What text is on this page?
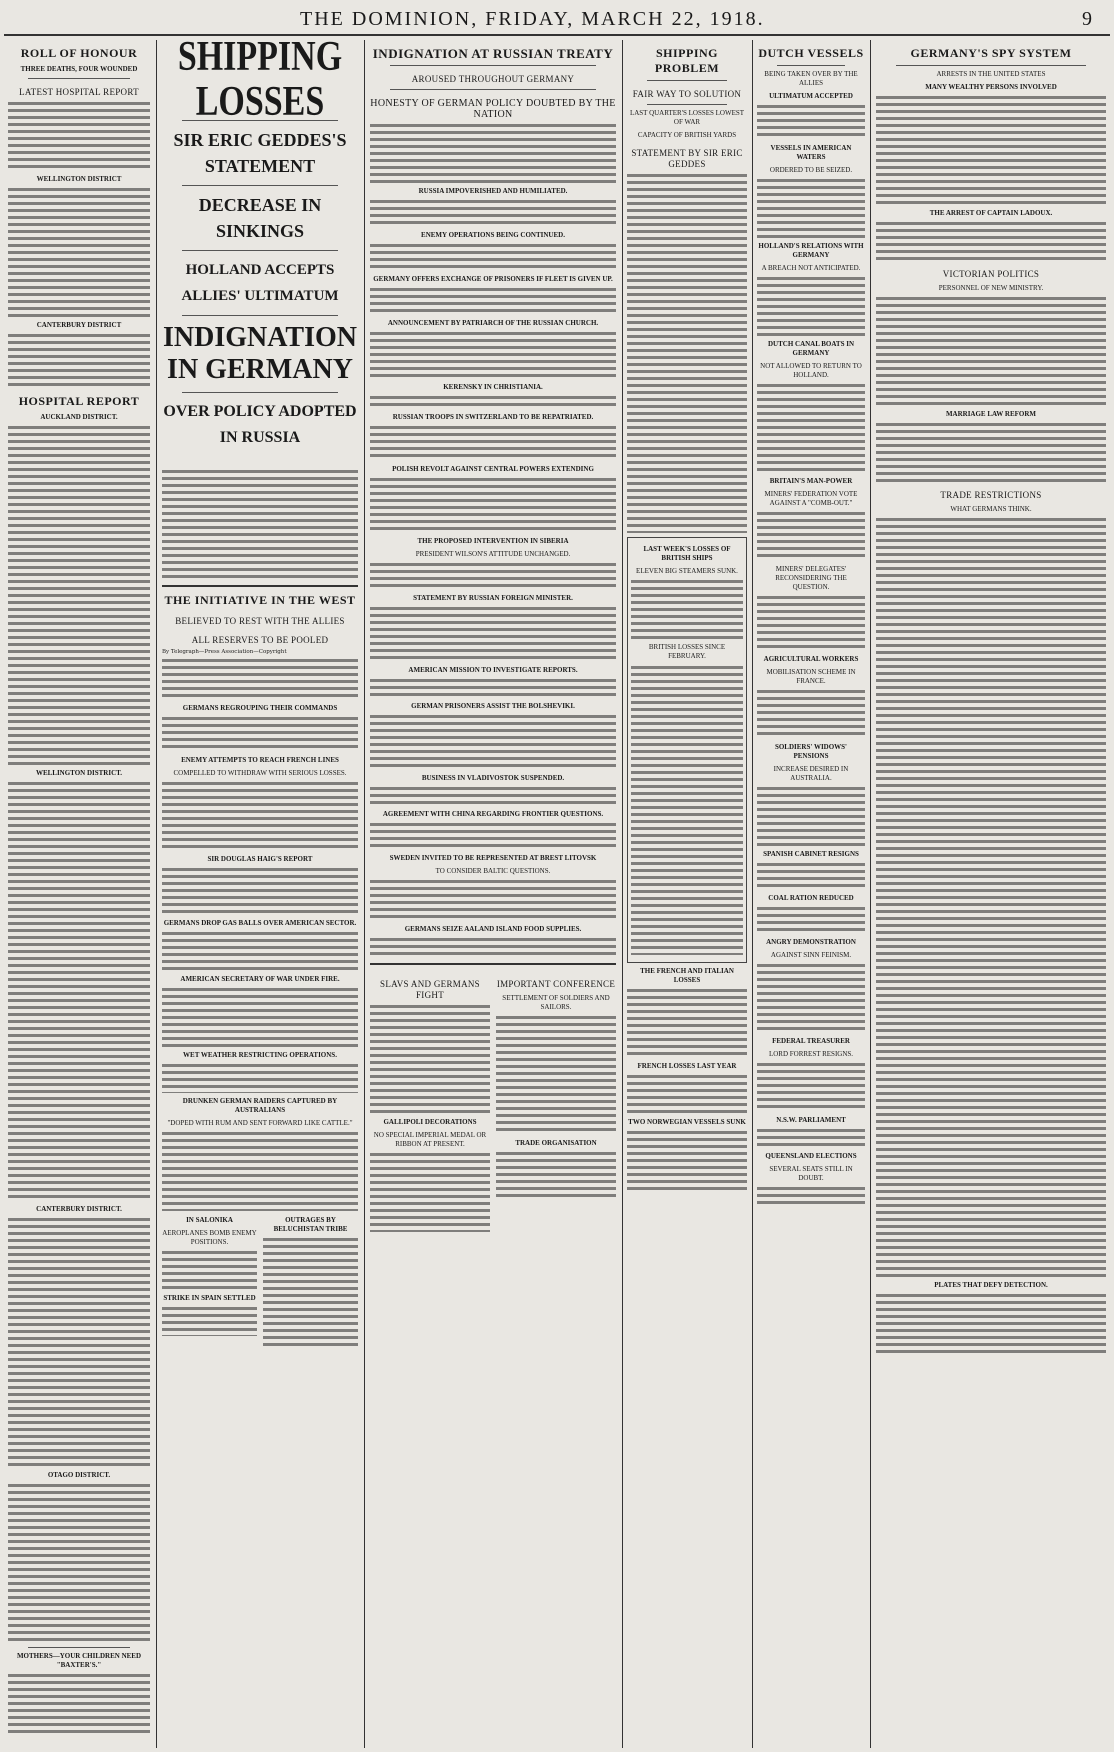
THE DOMINION, FRIDAY, MARCH 22, 1918.	9
ROLL OF HONOUR
THREE DEATHS, FOUR WOUNDED
LATEST HOSPITAL REPORT
WELLINGTON DISTRICT
CANTERBURY DISTRICT
HOSPITAL REPORT
AUCKLAND DISTRICT.
WELLINGTON DISTRICT.
CANTERBURY DISTRICT.
OTAGO DISTRICT.
MOTHERS—YOUR CHILDREN NEED "BAXTER'S."
SHIPPING LOSSES
SIR ERIC GEDDES'S STATEMENT
DECREASE IN SINKINGS
HOLLAND ACCEPTS ALLIES' ULTIMATUM
INDIGNATION IN GERMANY
OVER POLICY ADOPTED IN RUSSIA
THE INITIATIVE IN THE WEST
BELIEVED TO REST WITH THE ALLIES
ALL RESERVES TO BE POOLED
By Telegraph—Press Association—Copyright
GERMANS REGROUPING THEIR COMMANDS
ENEMY ATTEMPTS TO REACH FRENCH LINES
COMPELLED TO WITHDRAW WITH SERIOUS LOSSES.
SIR DOUGLAS HAIG'S REPORT
GERMANS DROP GAS BALLS OVER AMERICAN SECTOR.
AMERICAN SECRETARY OF WAR UNDER FIRE.
WET WEATHER RESTRICTING OPERATIONS.
DRUNKEN GERMAN RAIDERS CAPTURED BY AUSTRALIANS
"DOPED WITH RUM AND SENT FORWARD LIKE CATTLE."
IN SALONIKA
AEROPLANES BOMB ENEMY POSITIONS.
STRIKE IN SPAIN SETTLED
OUTRAGES BY BELUCHISTAN TRIBE
INDIGNATION AT RUSSIAN TREATY
AROUSED THROUGHOUT GERMANY
HONESTY OF GERMAN POLICY DOUBTED BY THE NATION
RUSSIA IMPOVERISHED AND HUMILIATED.
ENEMY OPERATIONS BEING CONTINUED.
GERMANY OFFERS EXCHANGE OF PRISONERS IF FLEET IS GIVEN UP.
ANNOUNCEMENT BY PATRIARCH OF THE RUSSIAN CHURCH.
KERENSKY IN CHRISTIANIA.
RUSSIAN TROOPS IN SWITZERLAND TO BE REPATRIATED.
POLISH REVOLT AGAINST CENTRAL POWERS EXTENDING
THE PROPOSED INTERVENTION IN SIBERIA
PRESIDENT WILSON'S ATTITUDE UNCHANGED.
STATEMENT BY RUSSIAN FOREIGN MINISTER.
AMERICAN MISSION TO INVESTIGATE REPORTS.
GERMAN PRISONERS ASSIST THE BOLSHEVIKI.
BUSINESS IN VLADIVOSTOK SUSPENDED.
AGREEMENT WITH CHINA REGARDING FRONTIER QUESTIONS.
SWEDEN INVITED TO BE REPRESENTED AT BREST LITOVSK
TO CONSIDER BALTIC QUESTIONS.
GERMANS SEIZE AALAND ISLAND FOOD SUPPLIES.
SLAVS AND GERMANS FIGHT
GALLIPOLI DECORATIONS
NO SPECIAL IMPERIAL MEDAL OR RIBBON AT PRESENT.
IMPORTANT CONFERENCE
SETTLEMENT OF SOLDIERS AND SAILORS.
TRADE ORGANISATION
SHIPPING PROBLEM
FAIR WAY TO SOLUTION
LAST QUARTER'S LOSSES LOWEST OF WAR
CAPACITY OF BRITISH YARDS
STATEMENT BY SIR ERIC GEDDES
LAST WEEK'S LOSSES OF BRITISH SHIPS
ELEVEN BIG STEAMERS SUNK.
BRITISH LOSSES SINCE FEBRUARY.
THE FRENCH AND ITALIAN LOSSES
FRENCH LOSSES LAST YEAR
TWO NORWEGIAN VESSELS SUNK
DUTCH VESSELS
BEING TAKEN OVER BY THE ALLIES
ULTIMATUM ACCEPTED
VESSELS IN AMERICAN WATERS
ORDERED TO BE SEIZED.
HOLLAND'S RELATIONS WITH GERMANY
A BREACH NOT ANTICIPATED.
DUTCH CANAL BOATS IN GERMANY
NOT ALLOWED TO RETURN TO HOLLAND.
BRITAIN'S MAN-POWER
MINERS' FEDERATION VOTE AGAINST A "COMB-OUT."
MINERS' DELEGATES' RECONSIDERING THE QUESTION.
AGRICULTURAL WORKERS
MOBILISATION SCHEME IN FRANCE.
SOLDIERS' WIDOWS' PENSIONS
INCREASE DESIRED IN AUSTRALIA.
SPANISH CABINET RESIGNS
COAL RATION REDUCED
ANGRY DEMONSTRATION
AGAINST SINN FEINISM.
FEDERAL TREASURER
LORD FORREST RESIGNS.
N.S.W. PARLIAMENT
QUEENSLAND ELECTIONS
SEVERAL SEATS STILL IN DOUBT.
GERMANY'S SPY SYSTEM
ARRESTS IN THE UNITED STATES
MANY WEALTHY PERSONS INVOLVED
THE ARREST OF CAPTAIN LADOUX.
VICTORIAN POLITICS
PERSONNEL OF NEW MINISTRY.
MARRIAGE LAW REFORM
TRADE RESTRICTIONS
WHAT GERMANS THINK.
PLATES THAT DEFY DETECTION.
